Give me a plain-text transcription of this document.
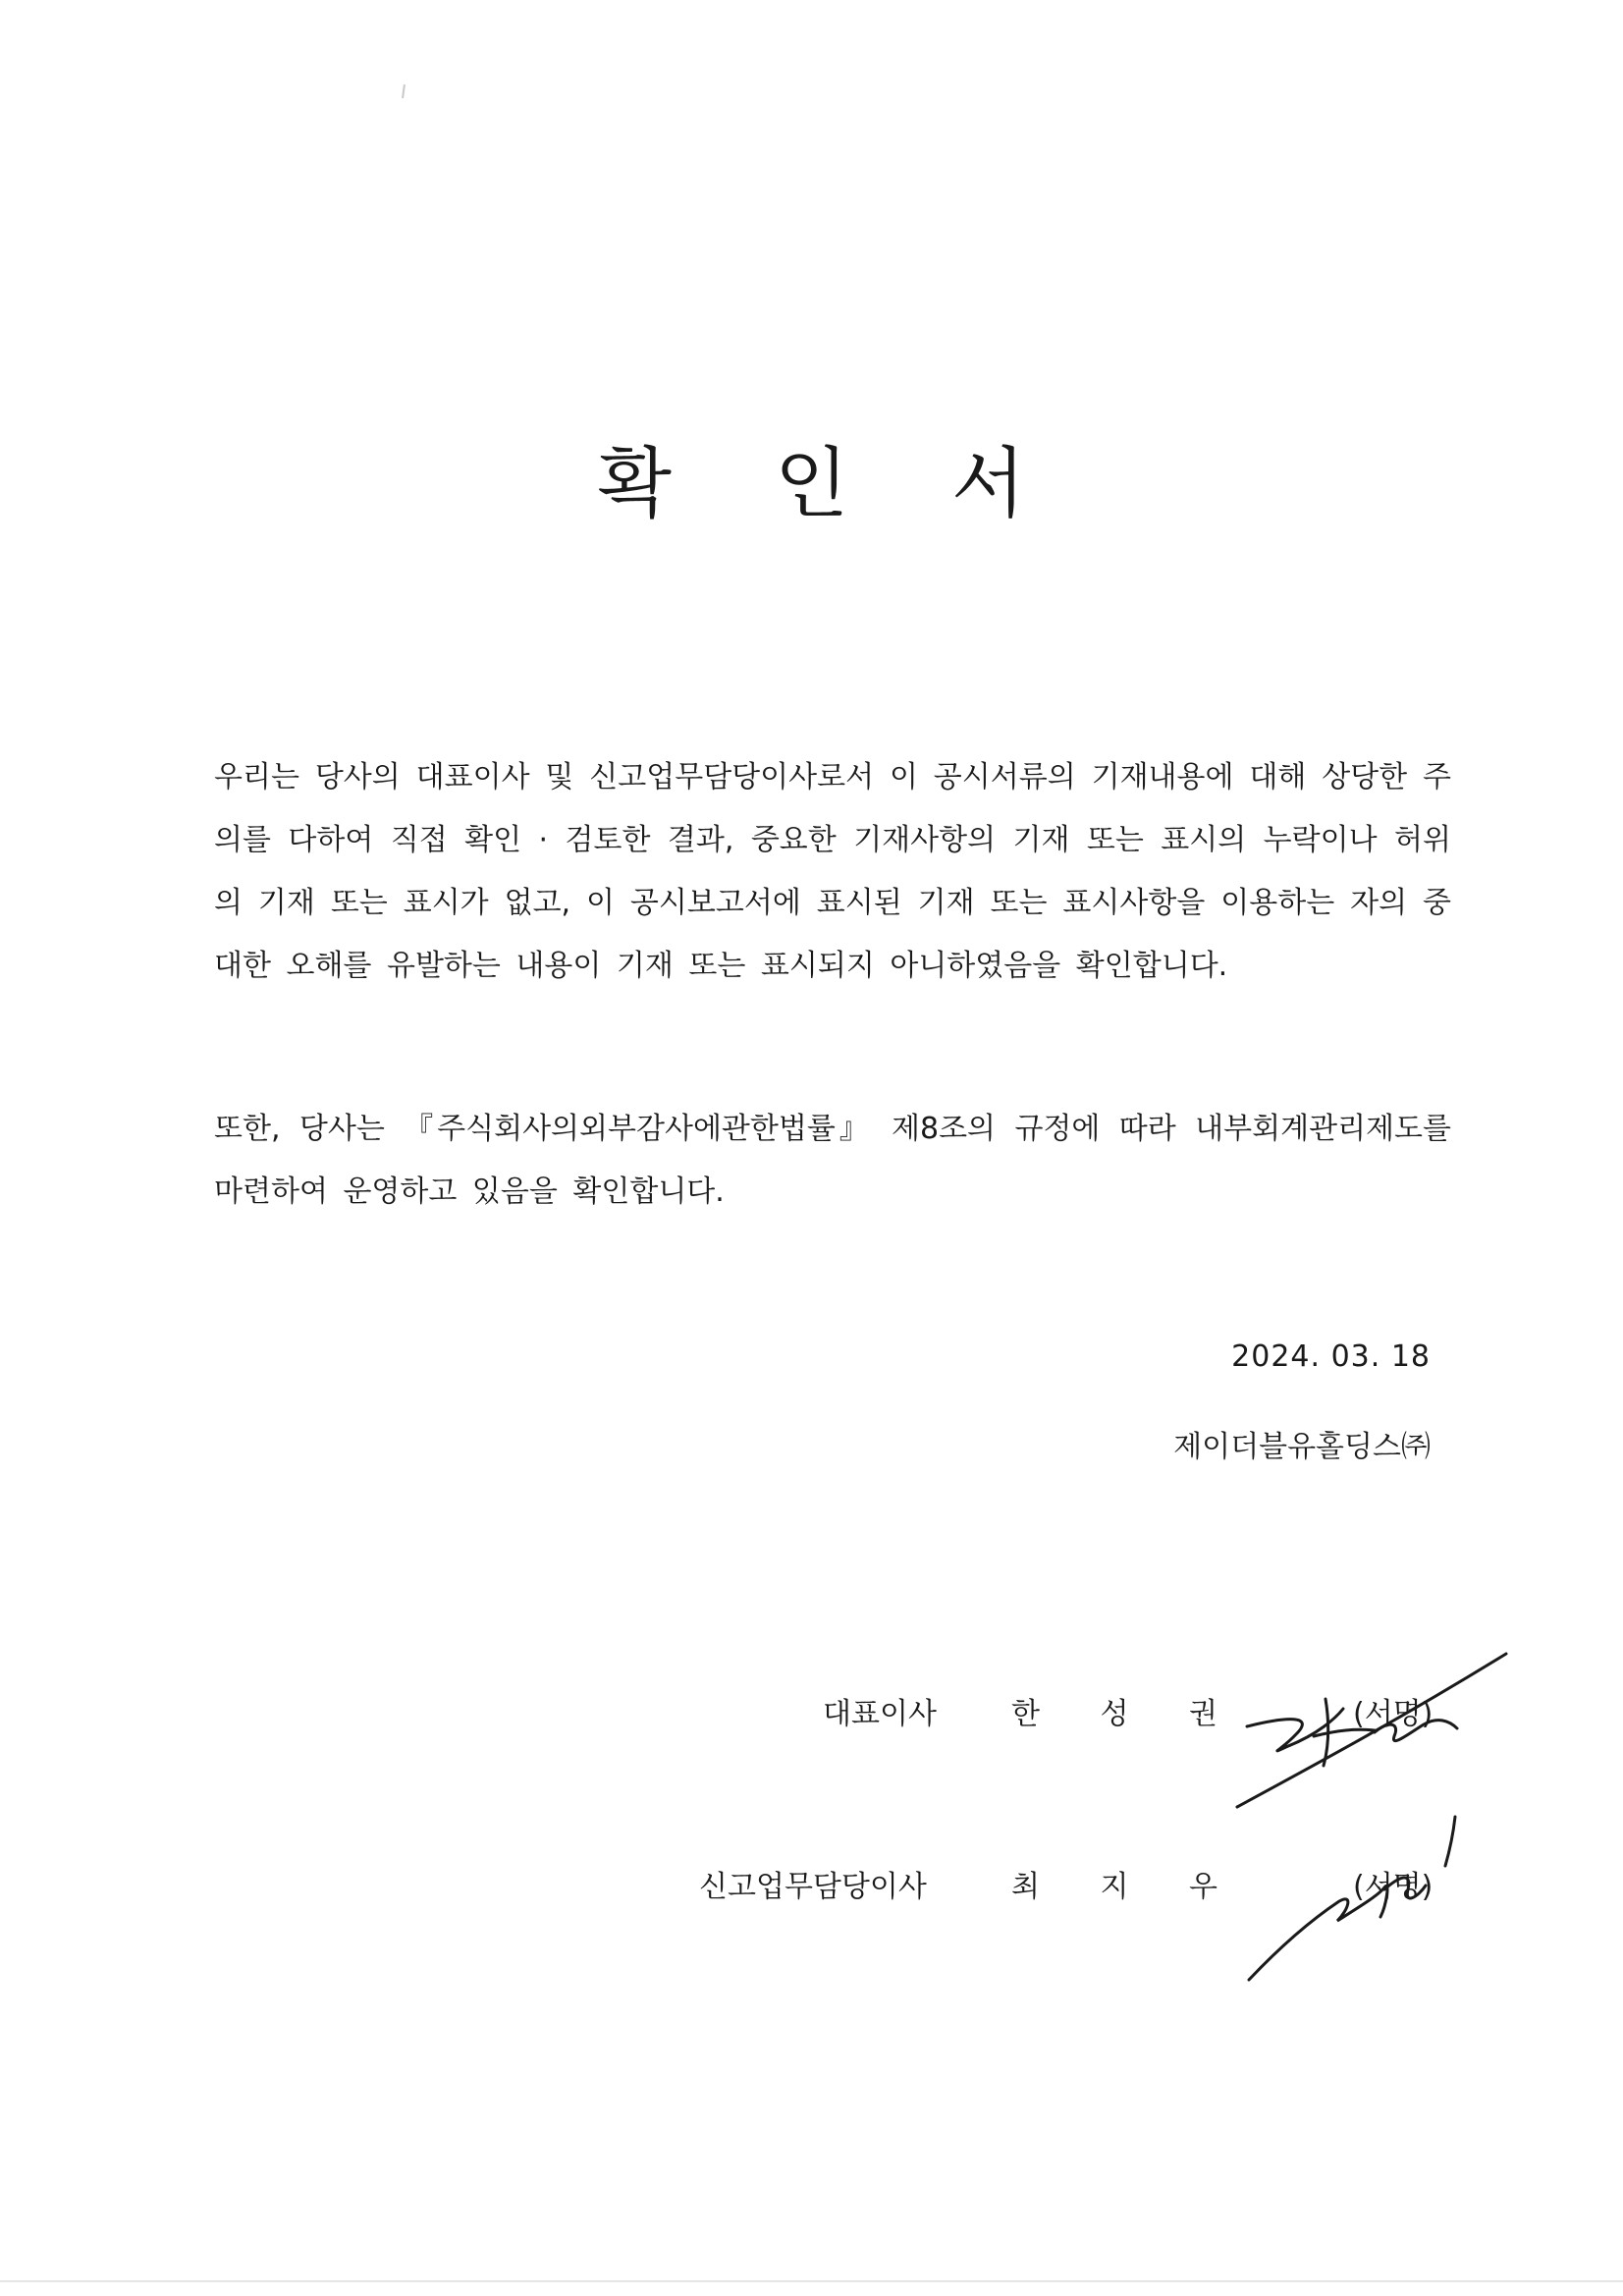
확 인 서

우리는 당사의 대표이사 및 신고업무담당이사로서 이 공시서류의 기재내용에 대해 상당한 주의를 다하여 직접 확인 · 검토한 결과, 중요한 기재사항의 기재 또는 표시의 누락이나 허위의 기재 또는 표시가 없고, 이 공시보고서에 표시된 기재 또는 표시사항을 이용하는 자의 중대한 오해를 유발하는 내용이 기재 또는 표시되지 아니하였음을 확인합니다.

또한, 당사는 『주식회사의외부감사에관한법률』 제8조의 규정에 따라 내부회계관리제도를 마련하여 운영하고 있음을 확인합니다.

2024. 03. 18
제이더블유홀딩스㈜
대표이사	한 성 권	(서명)
신고업무담당이사	최 지 우	(서명)
